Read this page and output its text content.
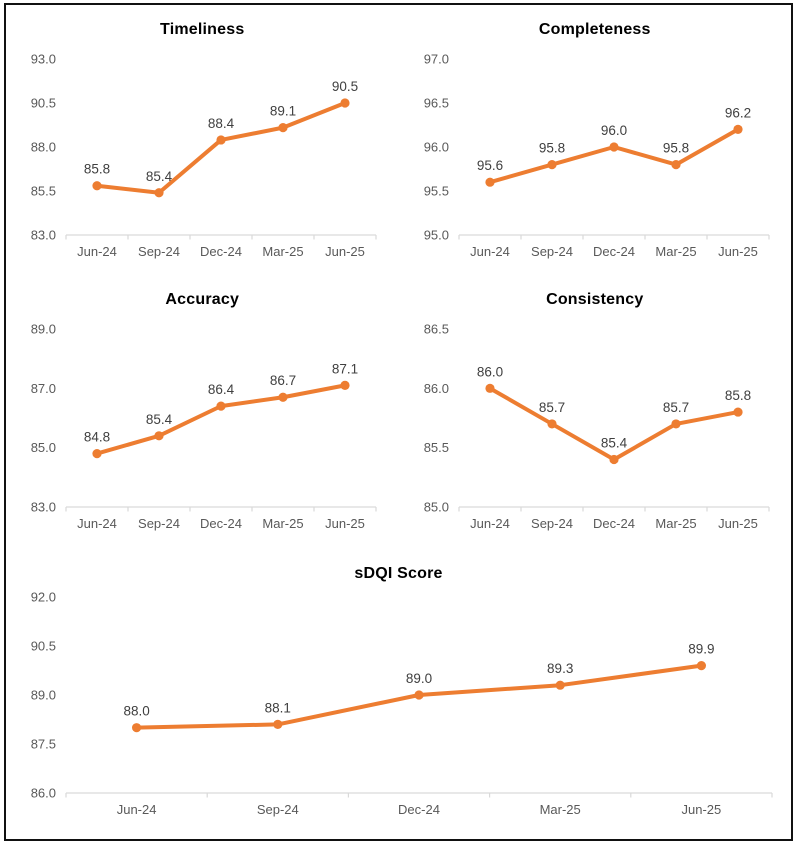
Timeliness
83.0
85.5
88.0
90.5
93.0
Jun-24 Sep-24 Dec-24 Mar-25 Jun-25
85.8	85.4
88.4
89.1
90.5
Completeness
95.0
95.5
96.0
96.5
97.0
Jun-24 Sep-24 Dec-24 Mar-25 Jun-25
95.6
95.8
96.0
95.8
96.2
Accuracy
83.0
85.0
87.0
89.0
Jun-24 Sep-24 Dec-24 Mar-25 Jun-25
84.8
85.4
86.4
86.7
87.1
Consistency
85.0
85.5
86.0
86.5
Jun-24 Sep-24 Dec-24 Mar-25 Jun-25
86.0
85.7
85.4
85.7
85.8
sDQI Score
86.0
87.5
89.0
90.5
92.0
Jun-24	Sep-24	Dec-24	Mar-25	Jun-25
88.0	88.1
89.0
89.3
89.9
